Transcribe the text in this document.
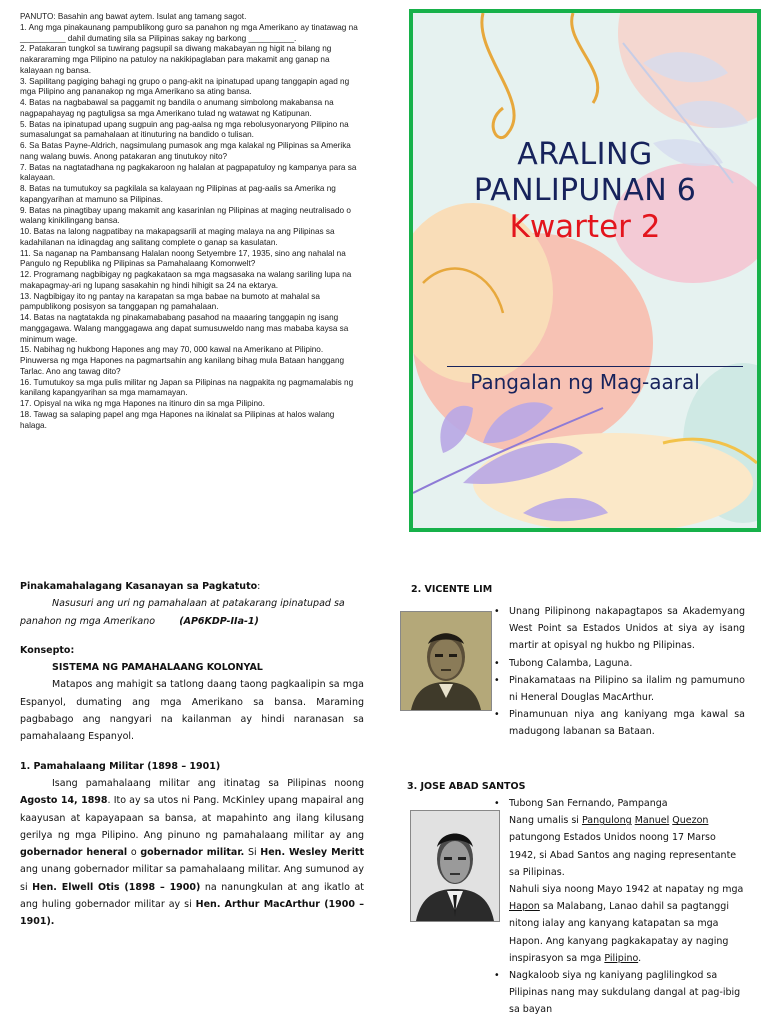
PANUTO: Basahin ang bawat aytem. Isulat ang tamang sagot.

1. Ang mga pinakaunang pampublikong guro sa panahon ng mga Amerikano ay tinatawag na

__________ dahil dumating sila sa Pilipinas sakay ng barkong __________.

2. Patakaran tungkol sa tuwirang pagsupil sa diwang makabayan ng higit na bilang ng

nakararaming mga Pilipino na patuloy na nakikipaglaban para makamit ang ganap na

kalayaan ng bansa.

3. Sapilitang pagiging bahagi ng grupo o pang-akit na ipinatupad upang tanggapin agad ng

mga Pilipino ang pananakop ng mga Amerikano sa ating bansa.

4. Batas na nagbabawal sa paggamit ng bandila o anumang simbolong makabansa na

nagpapahayag ng pagtuligsa sa mga Amerikano tulad ng watawat ng Katipunan.

5. Batas na ipinatupad upang sugpuin ang pag-aalsa ng mga rebolusyonaryong Pilipino na

sumasalungat sa pamahalaan at itinuturing na bandido o tulisan.

6. Sa Batas Payne-Aldrich, nagsimulang pumasok ang mga kalakal ng Pilipinas sa Amerika

nang walang buwis. Anong patakaran ang tinutukoy nito?

7. Batas na nagtatadhana ng pagkakaroon ng halalan at pagpapatuloy ng kampanya para sa

kalayaan.

8. Batas na tumutukoy sa pagkilala sa kalayaan ng Pilipinas at pag-aalis sa Amerika ng

kapangyarihan at mamuno sa Pilipinas.

9. Batas na pinagtibay upang makamit ang kasarinlan ng Pilipinas at maging neutralisado o

walang kinikilingang bansa.

10. Batas na lalong nagpatibay na makapagsarili at maging malaya na ang Pilipinas sa

kadahilanan na idinagdag ang salitang complete o ganap sa kasulatan.

11. Sa naganap na Pambansang Halalan noong Setyembre 17, 1935, sino ang nahalal na

Pangulo ng Republika ng Pilipinas sa Pamahalaang Komonwelt?

12. Programang nagbibigay ng pagkakataon sa mga magsasaka na walang sariling lupa na

makapagmay-ari ng lupang sasakahin ng hindi hihigit sa 24 na ektarya.

13. Nagbibigay ito ng pantay na karapatan sa mga babae na bumoto at mahalal sa

pampublikong posisyon sa tanggapan ng pamahalaan.

14. Batas na nagtatakda ng pinakamababang pasahod na maaaring tanggapin ng isang

manggagawa. Walang manggagawa ang dapat sumusuweldo nang mas mababa kaysa sa

minimum wage.

15. Nabihag ng hukbong Hapones ang may 70, 000 kawal na Amerikano at Pilipino.

Pinuwersa ng mga Hapones na pagmartsahin ang kanilang bihag mula Bataan hanggang

Tarlac. Ano ang tawag dito?

16. Tumutukoy sa mga pulis militar ng Japan sa Pilipinas na nagpakita ng pagmamalabis ng

kanilang kapangyarihan sa mga mamamayan.

17. Opisyal na wika ng mga Hapones na itinuro din sa mga Pilipino.

18. Tawag sa salaping papel ang mga Hapones na ikinalat sa Pilipinas at halos walang

halaga.

ARALING
PANLIPUNAN 6
Kwarter 2
Pangalan ng Mag-aaral

Pinakamahalagang Kasanayan sa Pagkatuto:

Nasusuri ang uri ng pamahalaan at patakarang ipinatupad sa panahon ng mga Amerikano	(AP6KDP-IIa-1)

Konsepto:

SISTEMA NG PAMAHALAANG KOLONYAL

Matapos ang mahigit sa tatlong daang taong pagkaalipin sa mga Espanyol, dumating ang mga Amerikano sa bansa. Maraming pagbabago ang nangyari na kailanman ay hindi naranasan sa pamahalaang Espanyol.

1. Pamahalaang Militar (1898 – 1901)

Isang pamahalaang militar ang itinatag sa Pilipinas noong Agosto 14, 1898. Ito ay sa utos ni Pang. McKinley upang mapairal ang kaayusan at kapayapaan sa bansa, at mapahinto ang ilang kilusang gerilya ng mga Pilipino. Ang pinuno ng pamahalaang militar ay ang gobernador heneral o gobernador militar. Si Hen. Wesley Meritt ang unang gobernador militar sa pamahalaang militar. Ang sumunod ay si Hen. Elwell Otis (1898 – 1900) na nanungkulan at ang ikatlo at ang huling gobernador militar ay si Hen. Arthur MacArthur (1900 – 1901).

2. VICENTE LIM
• Unang Pilipinong nakapagtapos sa Akademyang West Point sa Estados Unidos at siya ay isang martir at opisyal ng hukbo ng Pilipinas.
• Tubong Calamba, Laguna.
• Pinakamataas na Pilipino sa ilalim ng pamumuno ni Heneral Douglas MacArthur.
• Pinamunuan niya ang kaniyang mga kawal sa madugong labanan sa Bataan.
3. JOSE ABAD SANTOS
• Tubong San Fernando, Pampanga
Nang umalis si Pangulong Manuel Quezon patungong Estados Unidos noong 17 Marso 1942, si Abad Santos ang naging representante sa Pilipinas.
Nahuli siya noong Mayo 1942 at napatay ng mga Hapon sa Malabang, Lanao dahil sa pagtanggi nitong ialay ang kanyang katapatan sa mga Hapon. Ang kanyang pagkakapatay ay naging inspirasyon sa mga Pilipino.
• Nagkaloob siya ng kaniyang paglilingkod sa Pilipinas nang may sukdulang dangal at pag-ibig sa bayan
